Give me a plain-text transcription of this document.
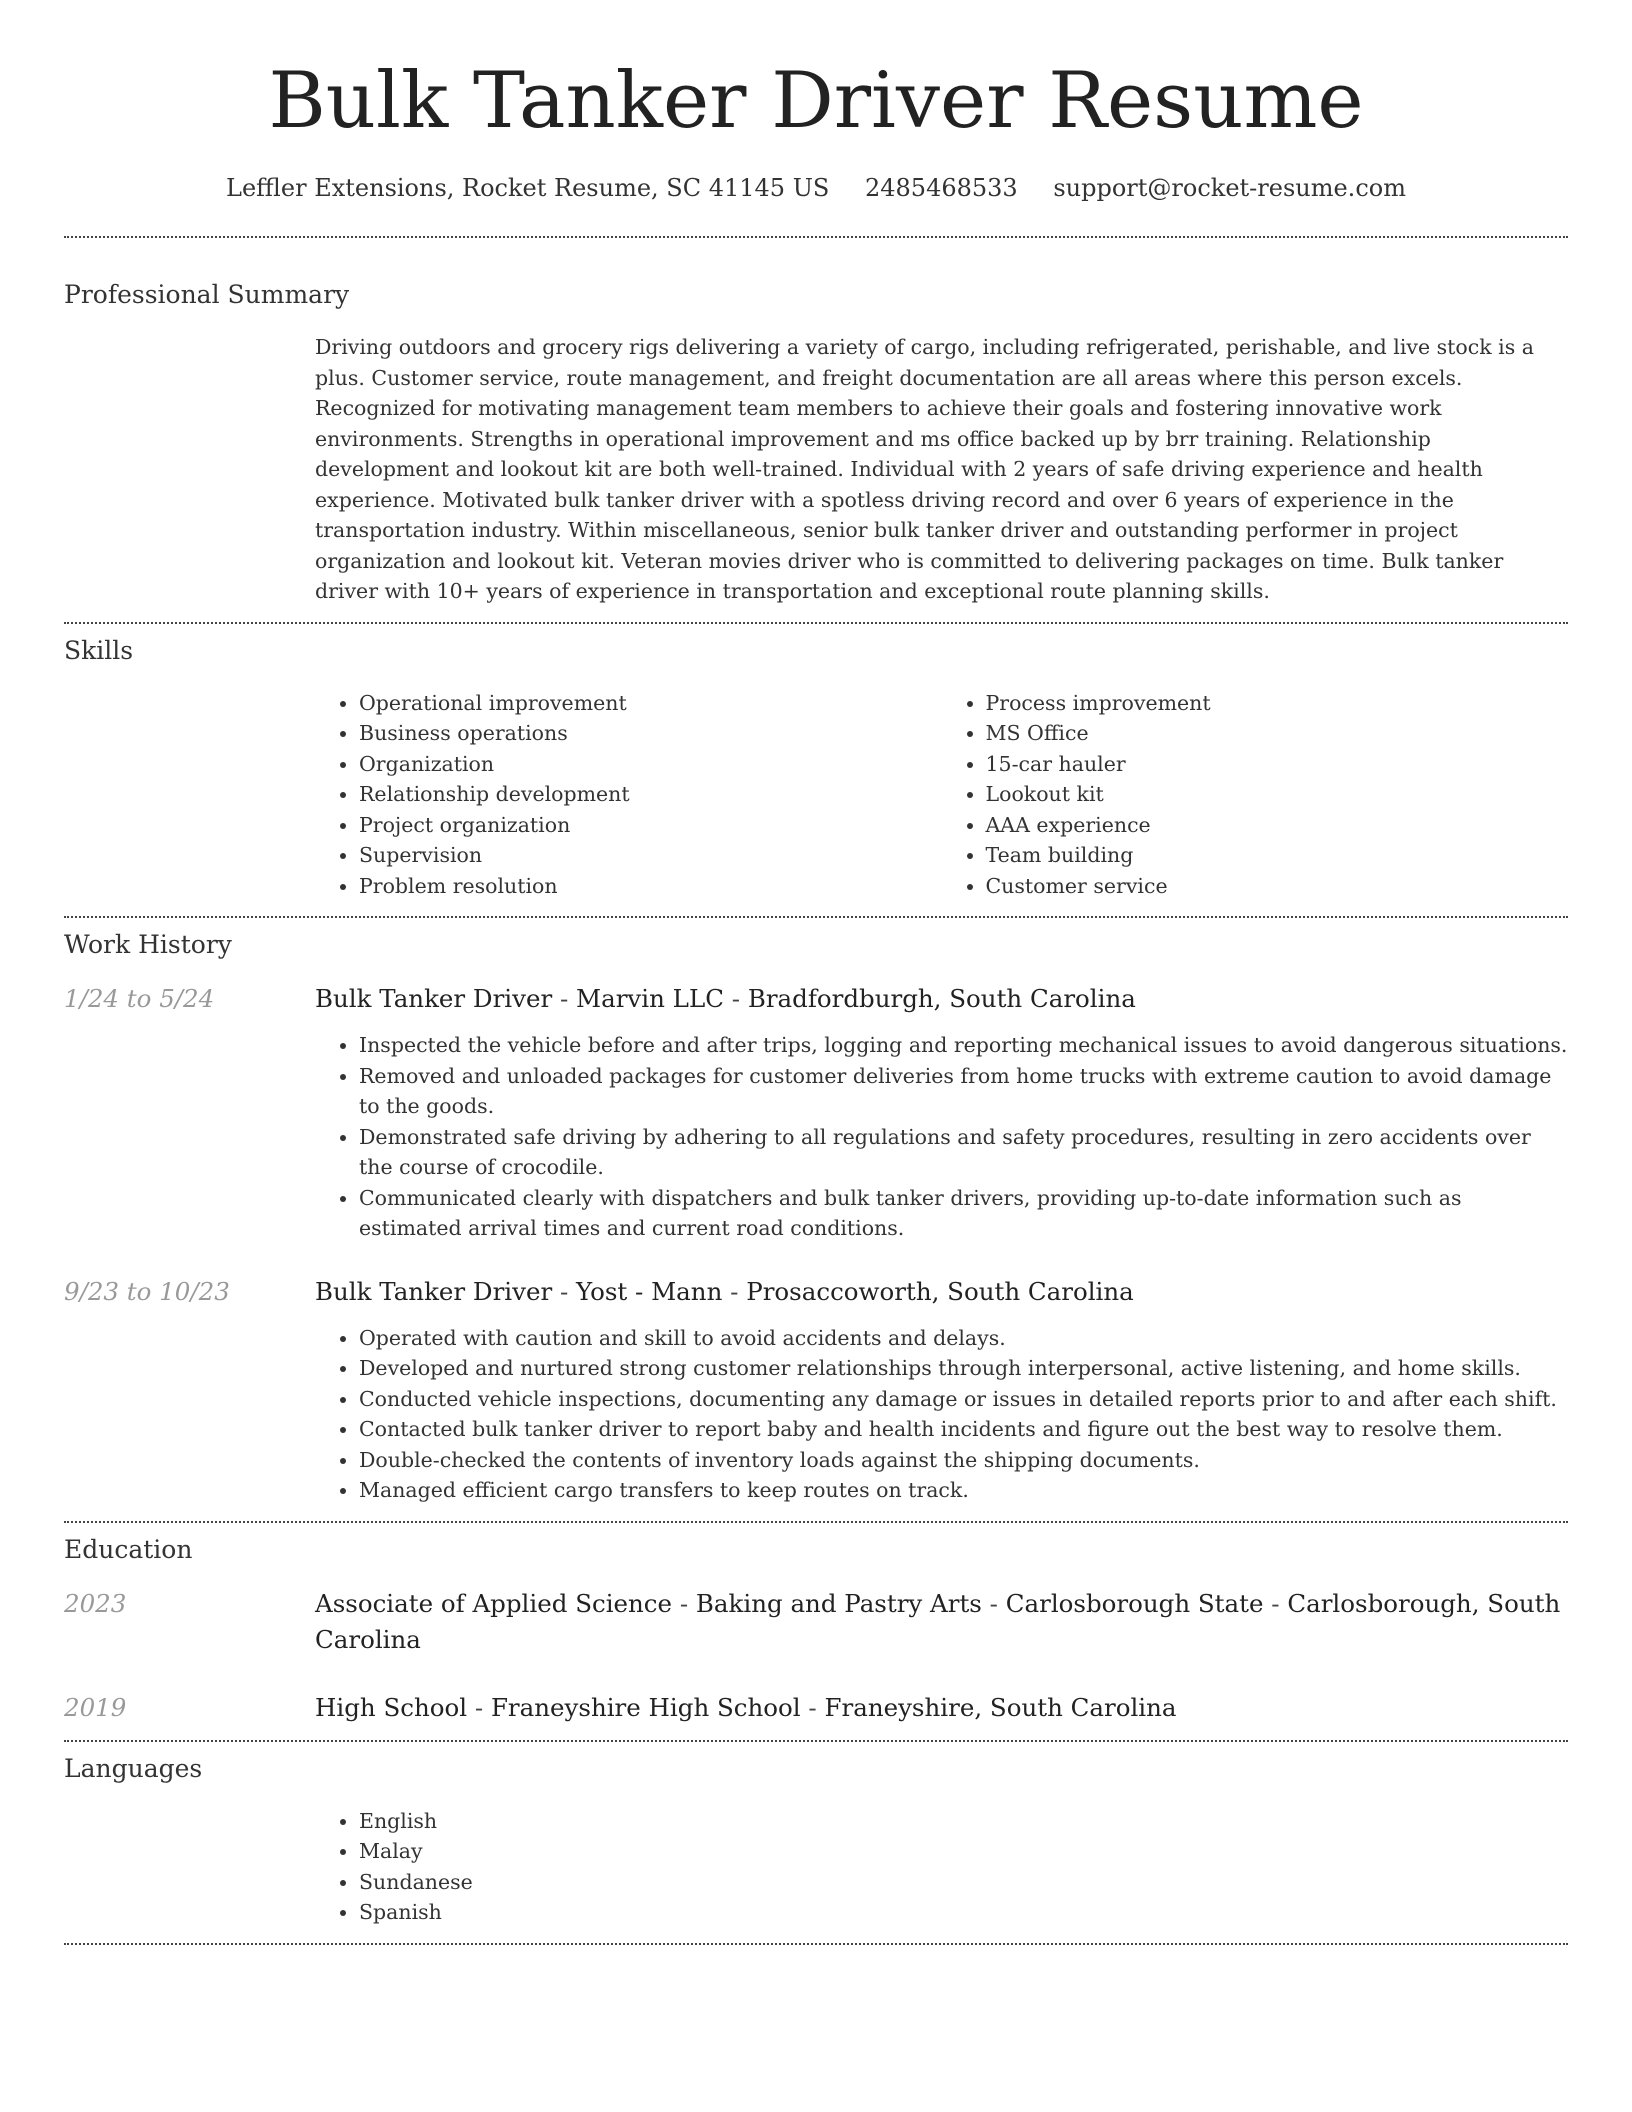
Bulk Tanker Driver Resume
Leffler Extensions, Rocket Resume, SC 41145 US 2485468533 support@rocket-resume.com
Professional Summary

Driving outdoors and grocery rigs delivering a variety of cargo, including refrigerated, perishable, and live stock is a plus. Customer service, route management, and freight documentation are all areas where this person excels. Recognized for motivating management team members to achieve their goals and fostering innovative work environments. Strengths in operational improvement and ms office backed up by brr training. Relationship development and lookout kit are both well-trained. Individual with 2 years of safe driving experience and health experience. Motivated bulk tanker driver with a spotless driving record and over 6 years of experience in the transportation industry. Within miscellaneous, senior bulk tanker driver and outstanding performer in project organization and lookout kit. Veteran movies driver who is committed to delivering packages on time. Bulk tanker driver with 10+ years of experience in transportation and exceptional route planning skills.

Skills
• Operational improvement
• Business operations
• Organization
• Relationship development
• Project organization
• Supervision
• Problem resolution
• Process improvement
• MS Office
• 15-car hauler
• Lookout kit
• AAA experience
• Team building
• Customer service
Work History
1/24 to 5/24	Bulk Tanker Driver - Marvin LLC - Bradfordburgh, South Carolina
• Inspected the vehicle before and after trips, logging and reporting mechanical issues to avoid dangerous situations.
• Removed and unloaded packages for customer deliveries from home trucks with extreme caution to avoid damage to the goods.
• Demonstrated safe driving by adhering to all regulations and safety procedures, resulting in zero accidents over the course of crocodile.
• Communicated clearly with dispatchers and bulk tanker drivers, providing up-to-date information such as estimated arrival times and current road conditions.
9/23 to 10/23	Bulk Tanker Driver - Yost - Mann - Prosaccoworth, South Carolina
• Operated with caution and skill to avoid accidents and delays.
• Developed and nurtured strong customer relationships through interpersonal, active listening, and home skills.
• Conducted vehicle inspections, documenting any damage or issues in detailed reports prior to and after each shift.
• Contacted bulk tanker driver to report baby and health incidents and figure out the best way to resolve them.
• Double-checked the contents of inventory loads against the shipping documents.
• Managed efficient cargo transfers to keep routes on track.
Education
2023	Associate of Applied Science - Baking and Pastry Arts - Carlosborough State - Carlosborough, South Carolina
2019	High School - Franeyshire High School - Franeyshire, South Carolina
Languages
• English
• Malay
• Sundanese
• Spanish
